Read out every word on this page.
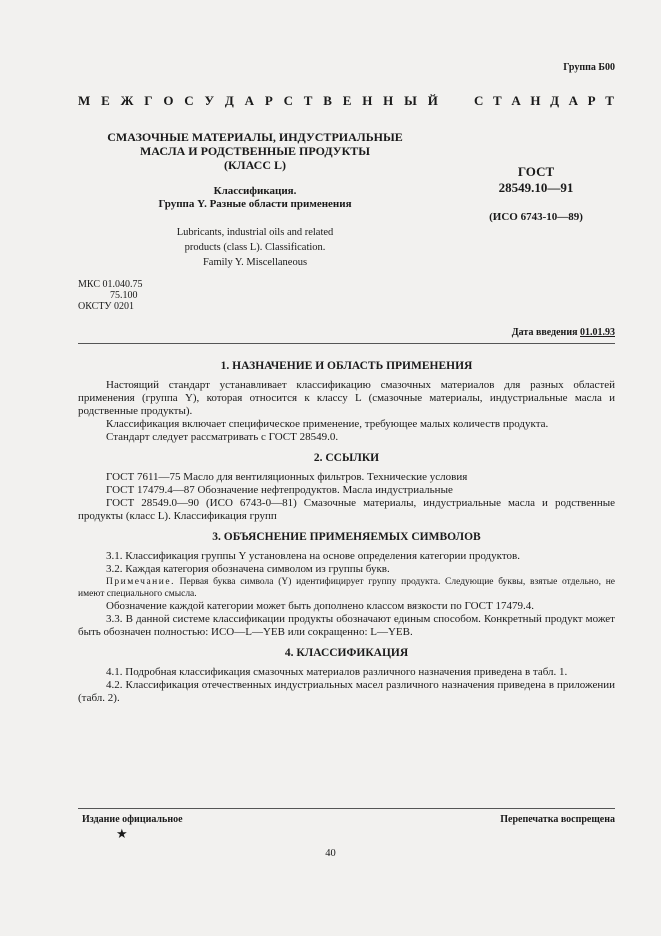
Группа Б00
М Е Ж Г О С У Д А Р С Т В Е Н Н Ы Й	С Т А Н Д А Р Т
СМАЗОЧНЫЕ МАТЕРИАЛЫ, ИНДУСТРИАЛЬНЫЕ
МАСЛА И РОДСТВЕННЫЕ ПРОДУКТЫ
(КЛАСС L)
Классификация.
Группа Y. Разные области применения
Lubricants, industrial oils and related
products (class L). Classification.
Family Y. Miscellaneous
ГОСТ
28549.10—91
(ИСО 6743-10—89)
МКС 01.040.75
75.100
ОКСТУ 0201
Дата введения 01.01.93

1. НАЗНАЧЕНИЕ И ОБЛАСТЬ ПРИМЕНЕНИЯ

Настоящий стандарт устанавливает классификацию смазочных материалов для разных областей применения (группа Y), которая относится к классу L (смазочные материалы, индустриальные масла и родственные продукты).

Классификация включает специфическое применение, требующее малых количеств продукта.

Стандарт следует рассматривать с ГОСТ 28549.0.

2. ССЫЛКИ

ГОСТ 7611—75 Масло для вентиляционных фильтров. Технические условия

ГОСТ 17479.4—87 Обозначение нефтепродуктов. Масла индустриальные

ГОСТ 28549.0—90 (ИСО 6743-0—81) Смазочные материалы, индустриальные масла и родственные продукты (класс L). Классификация групп

3. ОБЪЯСНЕНИЕ ПРИМЕНЯЕМЫХ СИМВОЛОВ

3.1. Классификация группы Y установлена на основе определения категории продуктов.

3.2. Каждая категория обозначена символом из группы букв.

Примечание. Первая буква символа (Y) идентифицирует группу продукта. Следующие буквы, взятые отдельно, не имеют специального смысла.

Обозначение каждой категории может быть дополнено классом вязкости по ГОСТ 17479.4.

3.3. В данной системе классификации продукты обозначают единым способом. Конкретный продукт может быть обозначен полностью: ИСО—L—YEB или сокращенно: L—YEB.

4. КЛАССИФИКАЦИЯ

4.1. Подробная классификация смазочных материалов различного назначения приведена в табл. 1.

4.2. Классификация отечественных индустриальных масел различного назначения приведена в приложении (табл. 2).

Издание официальное
★
Перепечатка воспрещена
40
